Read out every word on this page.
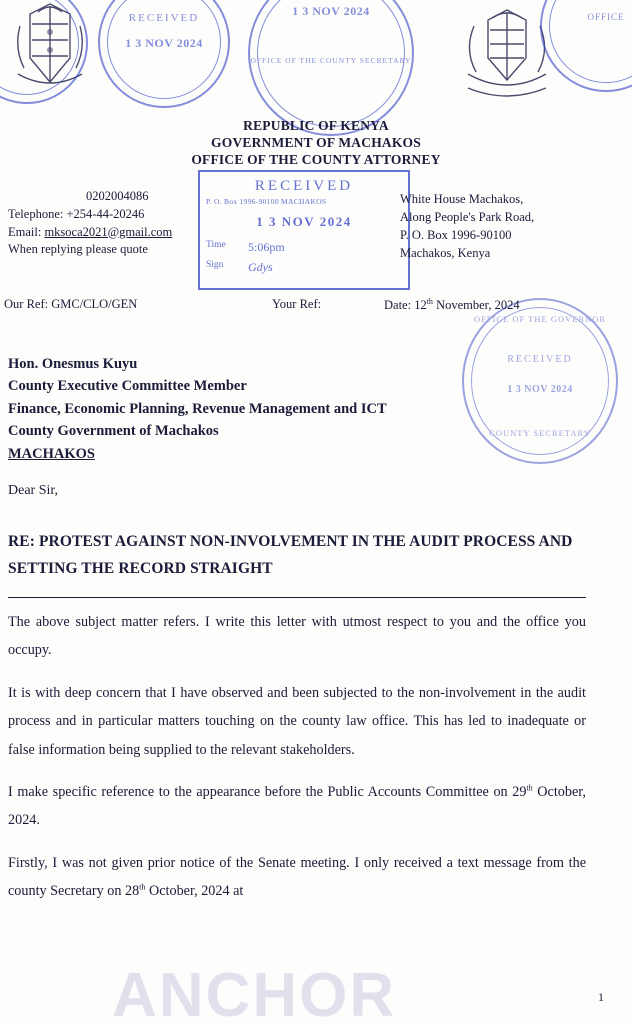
RECEIVED
1 3 NOV 2024
1 3 NOV 2024
OFFICE OF THE COUNTY SECRETARY
OFFICE
RECEIVED
P. O. Box 1996-90100 MACHAKOS
1 3 NOV 2024
Time	5:06pm
Sign	Gdys
OFFICE OF THE GOVERNOR
RECEIVED
1 3 NOV 2024
COUNTY SECRETARY
REPUBLIC OF KENYA
GOVERNMENT OF MACHAKOS
OFFICE OF THE COUNTY ATTORNEY
0202004086
Telephone: +254-44-20246
Email: mksoca2021@gmail.com
When replying please quote
White House Machakos,
Along People's Park Road,
P. O. Box 1996-90100
Machakos, Kenya
Our Ref: GMC/CLO/GEN	Your Ref:	Date: 12th November, 2024
Hon. Onesmus Kuyu
County Executive Committee Member
Finance, Economic Planning, Revenue Management and ICT
County Government of Machakos
MACHAKOS
Dear Sir,
RE: PROTEST AGAINST NON-INVOLVEMENT IN THE AUDIT PROCESS AND SETTING THE RECORD STRAIGHT

The above subject matter refers. I write this letter with utmost respect to you and the office you occupy.

It is with deep concern that I have observed and been subjected to the non-involvement in the audit process and in particular matters touching on the county law office. This has led to inadequate or false information being supplied to the relevant stakeholders.

I make specific reference to the appearance before the Public Accounts Committee on 29th October, 2024.

Firstly, I was not given prior notice of the Senate meeting. I only received a text message from the county Secretary on 28th October, 2024 at

ANCHOR	1
